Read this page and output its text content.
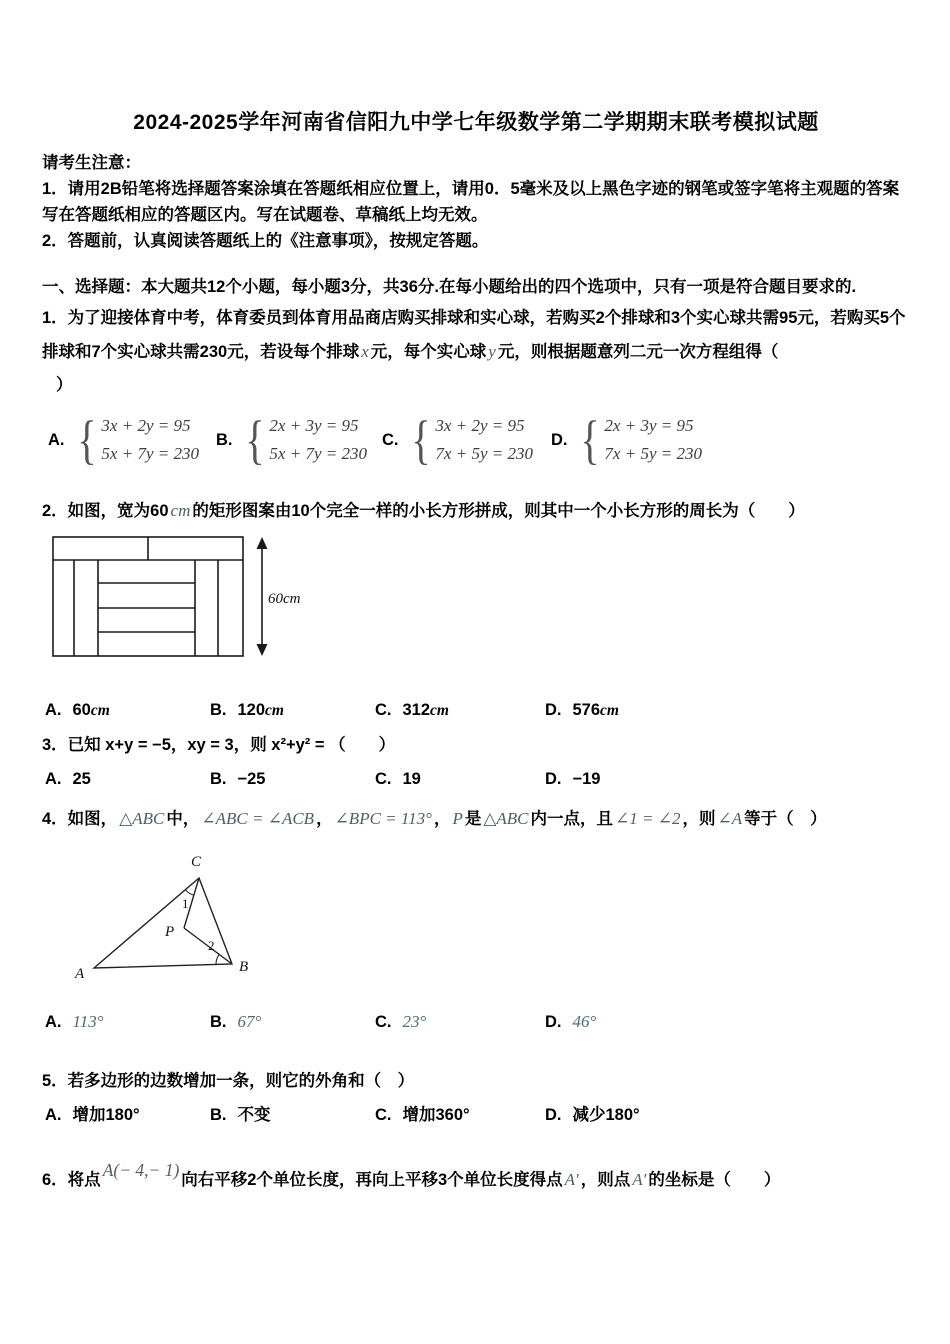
2024-2025学年河南省信阳九中学七年级数学第二学期期末联考模拟试题

请考生注意：

1．请用2B铅笔将选择题答案涂填在答题纸相应位置上，请用0．5毫米及以上黑色字迹的钢笔或签字笔将主观题的答案写在答题纸相应的答题区内。写在试题卷、草稿纸上均无效。

2．答题前，认真阅读答题纸上的《注意事项》，按规定答题。

一、选择题：本大题共12个小题，每小题3分，共36分.在每小题给出的四个选项中，只有一项是符合题目要求的.

1．为了迎接体育中考，体育委员到体育用品商店购买排球和实心球，若购买2个排球和3个实心球共需95元，若购买5个排球和7个实心球共需230元，若设每个排球 x 元，每个实心球 y 元，则根据题意列二元一次方程组得（

）

A. { 3x + 2y = 95
5x + 7y = 230
B. { 2x + 3y = 95
5x + 7y = 230
C. { 3x + 2y = 95
7x + 5y = 230
D. { 2x + 3y = 95
7x + 5y = 230

2．如图，宽为60 cm 的矩形图案由10个完全一样的小长方形拼成，则其中一个小长方形的周长为（　　）

60cm
A. 60cm	B. 120cm	C. 312cm	D. 576cm

3．已知 x+y = −5，xy = 3，则 x²+y² = （　　）

A. 25	B. −25	C. 19	D. −19

4．如图， △ABC 中， ∠ABC = ∠ACB ， ∠BPC = 113° ， P 是 △ABC 内一点，且 ∠1 = ∠2 ，则 ∠A 等于（　）

A	B
C
P
1
2
A. 113°	B. 67°	C. 23°	D. 46°

5．若多边形的边数增加一条，则它的外角和（　）

A. 增加180°	B. 不变	C. 增加360°	D. 减少180°

6．将点 A(− 4,− 1) 向右平移2个单位长度，再向上平移3个单位长度得点 A′ ，则点 A′ 的坐标是（　　）
